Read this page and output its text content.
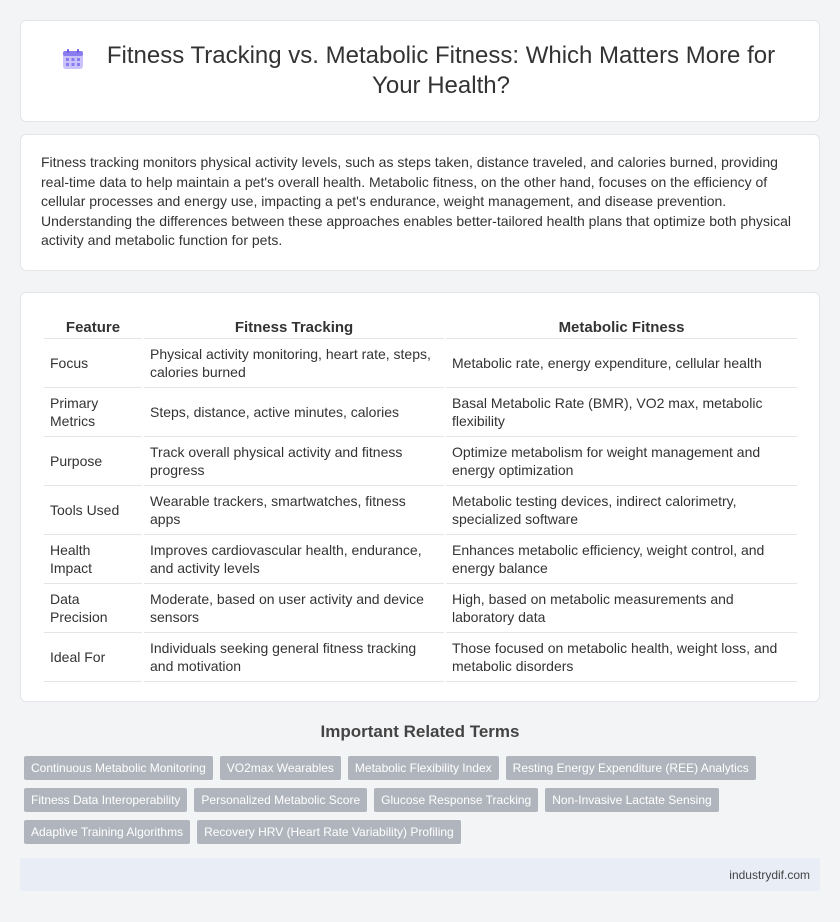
Fitness Tracking vs. Metabolic Fitness: Which Matters More for Your Health?

Fitness tracking monitors physical activity levels, such as steps taken, distance traveled, and calories burned, providing real-time data to help maintain a pet's overall health. Metabolic fitness, on the other hand, focuses on the efficiency of cellular processes and energy use, impacting a pet's endurance, weight management, and disease prevention. Understanding the differences between these approaches enables better-tailored health plans that optimize both physical activity and metabolic function for pets.

Feature	Fitness Tracking	Metabolic Fitness
Focus	Physical activity monitoring, heart rate, steps, calories burned	Metabolic rate, energy expenditure, cellular health
Primary Metrics	Steps, distance, active minutes, calories	Basal Metabolic Rate (BMR), VO2 max, metabolic flexibility
Purpose	Track overall physical activity and fitness progress	Optimize metabolism for weight management and energy optimization
Tools Used	Wearable trackers, smartwatches, fitness apps	Metabolic testing devices, indirect calorimetry, specialized software
Health Impact	Improves cardiovascular health, endurance, and activity levels	Enhances metabolic efficiency, weight control, and energy balance
Data Precision	Moderate, based on user activity and device sensors	High, based on metabolic measurements and laboratory data
Ideal For	Individuals seeking general fitness tracking and motivation	Those focused on metabolic health, weight loss, and metabolic disorders
Important Related Terms
Continuous Metabolic Monitoring	VO2max Wearables	Metabolic Flexibility Index	Resting Energy Expenditure (REE) Analytics
Fitness Data Interoperability	Personalized Metabolic Score	Glucose Response Tracking	Non-Invasive Lactate Sensing
Adaptive Training Algorithms	Recovery HRV (Heart Rate Variability) Profiling
industrydif.com
